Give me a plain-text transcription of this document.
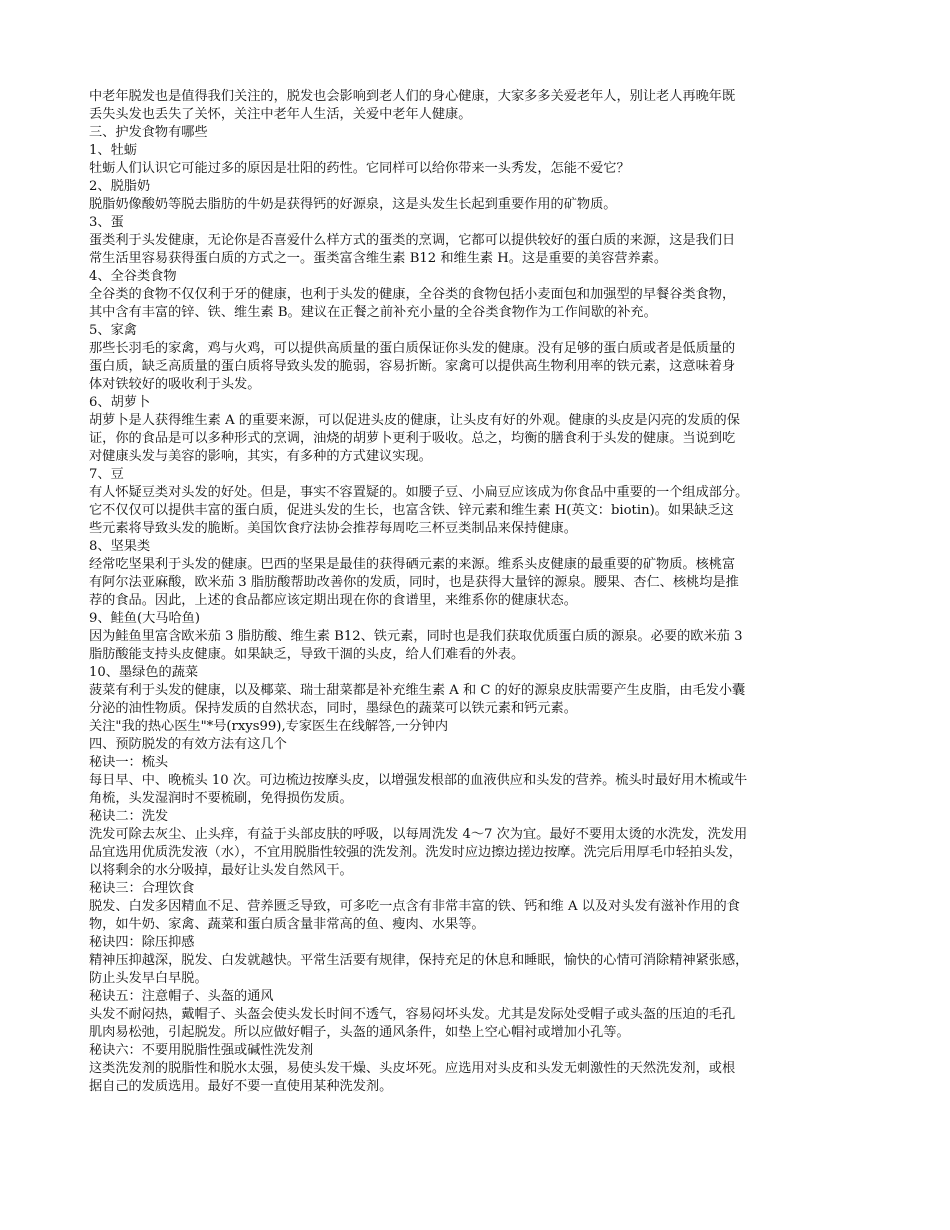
中老年脱发也是值得我们关注的，脱发也会影响到老人们的身心健康，大家多多关爱老年人，别让老人再晚年既
丢失头发也丢失了关怀，关注中老年人生活，关爱中老年人健康。
三、护发食物有哪些
1、牡蛎
牡蛎人们认识它可能过多的原因是壮阳的药性。它同样可以给你带来一头秀发，怎能不爱它？
2、脱脂奶
脱脂奶像酸奶等脱去脂肪的牛奶是获得钙的好源泉，这是头发生长起到重要作用的矿物质。
3、蛋
蛋类利于头发健康，无论你是否喜爱什么样方式的蛋类的烹调，它都可以提供较好的蛋白质的来源，这是我们日
常生活里容易获得蛋白质的方式之一。蛋类富含维生素 B12 和维生素 H。这是重要的美容营养素。
4、全谷类食物
全谷类的食物不仅仅利于牙的健康，也利于头发的健康，全谷类的食物包括小麦面包和加强型的早餐谷类食物，
其中含有丰富的锌、铁、维生素 B。建议在正餐之前补充小量的全谷类食物作为工作间歇的补充。
5、家禽
那些长羽毛的家禽，鸡与火鸡，可以提供高质量的蛋白质保证你头发的健康。没有足够的蛋白质或者是低质量的
蛋白质，缺乏高质量的蛋白质将导致头发的脆弱，容易折断。家禽可以提供高生物利用率的铁元素，这意味着身
体对铁较好的吸收利于头发。
6、胡萝卜
胡萝卜是人获得维生素 A 的重要来源，可以促进头皮的健康，让头皮有好的外观。健康的头皮是闪亮的发质的保
证，你的食品是可以多种形式的烹调，油烧的胡萝卜更利于吸收。总之，均衡的膳食利于头发的健康。当说到吃
对健康头发与美容的影响，其实，有多种的方式建议实现。
7、豆
有人怀疑豆类对头发的好处。但是，事实不容置疑的。如腰子豆、小扁豆应该成为你食品中重要的一个组成部分。
它不仅仅可以提供丰富的蛋白质，促进头发的生长，也富含铁、锌元素和维生素 H(英文：biotin)。如果缺乏这
些元素将导致头发的脆断。美国饮食疗法协会推荐每周吃三杯豆类制品来保持健康。
8、坚果类
经常吃坚果利于头发的健康。巴西的坚果是最佳的获得硒元素的来源。维系头皮健康的最重要的矿物质。核桃富
有阿尔法亚麻酸，欧米茄 3 脂肪酸帮助改善你的发质，同时，也是获得大量锌的源泉。腰果、杏仁、核桃均是推
荐的食品。因此，上述的食品都应该定期出现在你的食谱里，来维系你的健康状态。
9、鲑鱼(大马哈鱼)
因为鲑鱼里富含欧米茄 3 脂肪酸、维生素 B12、铁元素，同时也是我们获取优质蛋白质的源泉。必要的欧米茄 3
脂肪酸能支持头皮健康。如果缺乏，导致干涸的头皮，给人们难看的外表。
10、墨绿色的蔬菜
菠菜有利于头发的健康，以及椰菜、瑞士甜菜都是补充维生素 A 和 C 的好的源泉皮肤需要产生皮脂，由毛发小囊
分泌的油性物质。保持发质的自然状态，同时，墨绿色的蔬菜可以铁元素和钙元素。
关注"我的热心医生"*号(rxys99),专家医生在线解答,一分钟内
四、预防脱发的有效方法有这几个
秘诀一：梳头
每日早、中、晚梳头 10 次。可边梳边按摩头皮，以增强发根部的血液供应和头发的营养。梳头时最好用木梳或牛
角梳，头发湿润时不要梳刷，免得损伤发质。
秘诀二：洗发
洗发可除去灰尘、止头痒，有益于头部皮肤的呼吸，以每周洗发 4～7 次为宜。最好不要用太烫的水洗发，洗发用
品宜选用优质洗发液（水），不宜用脱脂性较强的洗发剂。洗发时应边擦边搓边按摩。洗完后用厚毛巾轻拍头发，
以将剩余的水分吸掉，最好让头发自然风干。
秘诀三：合理饮食
脱发、白发多因精血不足、营养匮乏导致，可多吃一点含有非常丰富的铁、钙和维 A 以及对头发有滋补作用的食
物，如牛奶、家禽、蔬菜和蛋白质含量非常高的鱼、瘦肉、水果等。
秘诀四：除压抑感
精神压抑越深，脱发、白发就越快。平常生活要有规律，保持充足的休息和睡眠，愉快的心情可消除精神紧张感，
防止头发早白早脱。
秘诀五：注意帽子、头盔的通风
头发不耐闷热，戴帽子、头盔会使头发长时间不透气，容易闷坏头发。尤其是发际处受帽子或头盔的压迫的毛孔
肌肉易松弛，引起脱发。所以应做好帽子，头盔的通风条件，如垫上空心帽衬或增加小孔等。
秘诀六：不要用脱脂性强或碱性洗发剂
这类洗发剂的脱脂性和脱水太强，易使头发干燥、头皮坏死。应选用对头皮和头发无刺激性的天然洗发剂，或根
据自己的发质选用。最好不要一直使用某种洗发剂。
